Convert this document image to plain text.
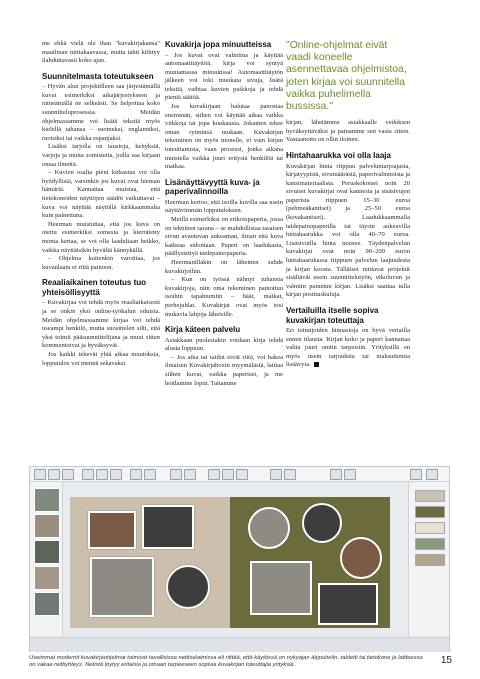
me ehkä vielä ole ihan "kuvakirjakansa" maailman mittakaavassa, mutta tahti kiihtyy ilahduttavasti koko ajan.

Suunnitelmasta toteutukseen

– Hyvän alun projektilleen saa järjestämällä kuvat esimerkiksi aikajärjestykseen ja nimeämällä ne selkeästi. Se helpottaa koko suunnitteluprosessia. Meidän ohjelmassamme voi lisätä tekstiä myös kielellä tahansa – suomeksi, englanniksi, ruotsiksi tai vaikka espanjaksi.

Lisäksi tarjolla on taustoja, kehyksiä, varjoja ja muita somisteita, joilla saa kirjaan omaa ilmettä.

– Kuvien osalta pieni kirkastus voi olla hyödyllistä, varsinkin jos kuvat ovat hieman hämäriä. Kannattaa muistaa, että tietokoneiden näyttöjen säädöt vaikuttavat – kuva voi näyttää näytöllä kirkkaammalta kuin painettuna.

Heerman muistuttaa, että jos kuva on otettu esimerkiksi somesta ja kierrätetty monta kertaa, se voi olla laadultaan heikko, vaikka näyttäisikin hyvältä kännykällä.

– Ohjelma kuitenkin varoittaa, jos kuvanlaatu ei riitä painoon.

Reaaliaikainen toteutus tuo yhteisöllisyyttä

– Kuvakirjaa voi tehdä myös reaaliaikaisesti ja se onkin yksi online-työkalun eduista. Meidän ohjelmassamme kirjaa voi tehdä useampi henkilö, mutta suosittelen silti, että yksi toimii pääsuunnittelijana ja muut sitten kommentoivat ja hyväksyvät.

Jos kaikki tekevät yhtä aikaa muutoksia, lopputulos voi mennä sekavaksi.

Kuvakirja jopa minuutteissa

– Jos kuvat ovat valmiina ja käyttää automaattitäyttöä, kirja voi syntyä muutamassa minuutissa! Automaattitäytön jälkeen voi toki muokata sivuja, lisätä tekstiä, vaihtaa kuvien paikkoja ja tehdä pieniä säätöä.

Jos kuvakirjaan halutaa panostaa enemmän, siihen voi käyttää aikaa vaikka viikkoja tai jopa kuukausia. Jokainen tekee oman rytminsä mukaan. Kuvakirjan tekeminen on myös monelle, ei vain kirjan toteuttamista, vaan prosessi, jonka aikana muistella vaikka juuri eritystä henkilöä tai matkaa.

Lisänäyttävyyttä kuva- ja paperivalinnoilla

Heerman kertoo, että isoilla kuvilla saa usein näyttävimmän lopputuloksen.

Meillä esimerkiksi on erikoispaperia, jossa on tekninen sarana – se mahdollistaa tasaisen sivun avautuvan aukeaman, ilman että kuva katkeaa sidontaan. Paperi on laadukasta, päällystettyä taidepainopaperia.

Heermanillakin on läheinen suhde kuvakirjoihin.

– Kun on työssä nähnyt tuhansia kuvakirjoja, niin oma tekeminen painottuu isoihin tapahtumiin – häät, matkat, perhejuhlat. Kuvakirjat ovat myös tosi mukavia lahjoja läheisille.

Kirja käteen palvelu

Asiakkaan puolestakin voidaan kirja tehdä alusta loppuun.

– Jos aika tai taidot eivät riitä, voi hakea ilmaisen Kuvakirjaboxin myymälästä, laittaa siihen kuvat, vaikka paperiset, ja me hoidamme loput. Taitamme

"Online-ohjelmat eivät vaadi koneelle asennettavaa ohjelmistoa, joten kirjaa voi suunnitella vaikka puhelimella bussissa."

kirjan, lähetämme asiakkaalle vedoksen hyväksyttäväksi ja painamme sen vasta sitten. Vastaanotto on ollut iloinen.

Hintahaarukka voi olla laaja

Kuvakirjan hinta riippuu palveluntarjoajasta, kirjatyypistä, sivumäärästä, paperivalinnoista ja kansimateriaalista. Peruskokoiset noin 20 sivuiset kuvakirjat ovat kannesta ja sisäsivujen paperista riippuen 15–30 euroa (pehmeäkantiset) ja 25–50 euroa (kovakantiset). Laadukkaammalla taidepainopaperilla tai täysin aukeavilla hintahaarukka voi olla 40–70 euroa. Lisäsivuilla hinta nousee. Täydenpalvelun kuvakirjat ovat noin 90–200 euron hintahaarukassa riippuen palvelun laajuudesta ja kirjan koosta. Tälläiset mittavat projektit sisältävät usein suunnittelutyön, oikoluvun ja valmiin painetun kirjan. Lisäksi saattaa tulla kirjan postituskuluja.

Vertailuilla itselle sopiva kuvakirjan toteuttaja

Eri toimijoiden hinnastoja on hyvä vertailla ennen tilausta. Kirjan koko ja paperi kannattaa valita juuri omiin tarpeisiin. Yrityksillä on myös usein tarjouksia tai maksuttomia lisäävyia.

Useimmat modernit kuvakirjaohjelmat toimivat tavallisissa nettiselaimissa eli riittää, että käytössä on nykyajan älypuhelin, tabletti tai tietokone ja laitteessa on vakaa nettiyhteys. Netistä löytyy erilaisia ja omaan tarpeeseen sopivia kuvakirjan toteuttajia yrityksiä.	15
